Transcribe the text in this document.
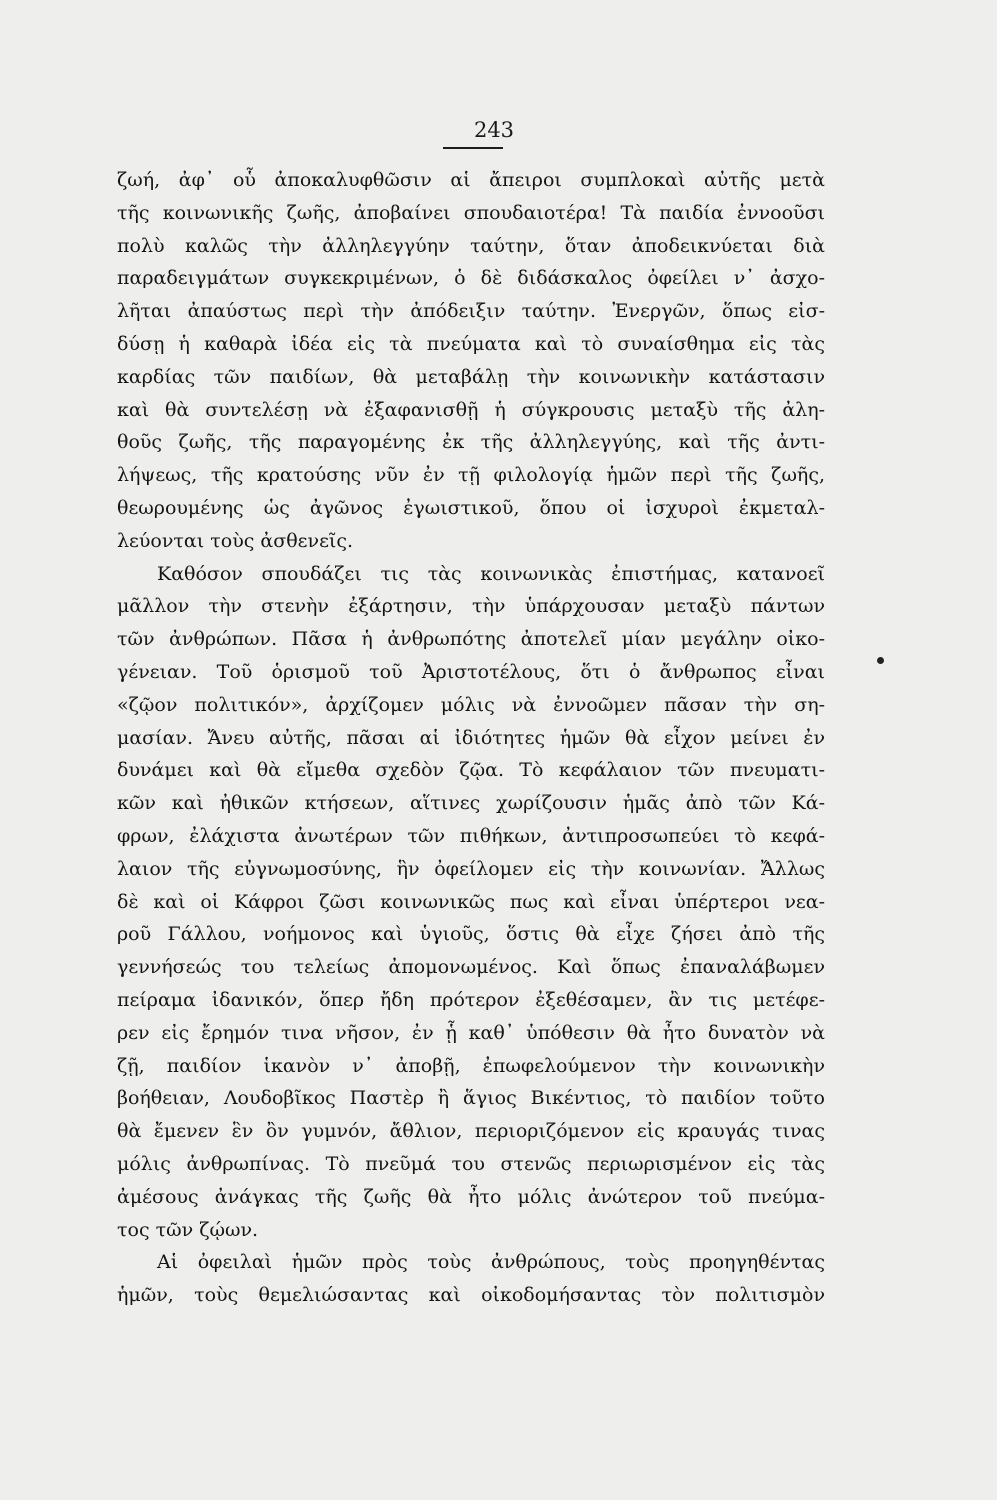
243
ζωή, ἀφ᾿ οὗ ἀποκαλυφθῶσιν αἱ ἄπειροι συμπλοκαὶ αὐτῆς μετὰ
τῆς κοινωνικῆς ζωῆς, ἀποβαίνει σπουδαιοτέρα! Τὰ παιδία ἐννοοῦσι
πολὺ καλῶς τὴν ἀλληλεγγύην ταύτην, ὅταν ἀποδεικνύεται διὰ
παραδειγμάτων συγκεκριμένων, ὁ δὲ διδάσκαλος ὀφείλει ν᾿ ἀσχο-
λῆται ἀπαύστως περὶ τὴν ἀπόδειξιν ταύτην. Ἐνεργῶν, ὅπως εἰσ-
δύσῃ ἡ καθαρὰ ἰδέα εἰς τὰ πνεύματα καὶ τὸ συναίσθημα εἰς τὰς
καρδίας τῶν παιδίων, θὰ μεταβάλῃ τὴν κοινωνικὴν κατάστασιν
καὶ θὰ συντελέσῃ νὰ ἐξαφανισθῇ ἡ σύγκρουσις μεταξὺ τῆς ἀλη-
θοῦς ζωῆς, τῆς παραγομένης ἐκ τῆς ἀλληλεγγύης, καὶ τῆς ἀντι-
λήψεως, τῆς κρατούσης νῦν ἐν τῇ φιλολογίᾳ ἡμῶν περὶ τῆς ζωῆς,
θεωρουμένης ὡς ἀγῶνος ἐγωιστικοῦ, ὅπου οἱ ἰσχυροὶ ἐκμεταλ-
λεύονται τοὺς ἀσθενεῖς.
Καθόσον σπουδάζει τις τὰς κοινωνικὰς ἐπιστήμας, κατανοεῖ
μᾶλλον τὴν στενὴν ἐξάρτησιν, τὴν ὑπάρχουσαν μεταξὺ πάντων
τῶν ἀνθρώπων. Πᾶσα ἡ ἀνθρωπότης ἀποτελεῖ μίαν μεγάλην οἰκο-
γένειαν. Τοῦ ὁρισμοῦ τοῦ Ἀριστοτέλους, ὅτι ὁ ἄνθρωπος εἶναι
«ζῷον πολιτικόν», ἀρχίζομεν μόλις νὰ ἐννοῶμεν πᾶσαν τὴν ση-
μασίαν. Ἄνευ αὐτῆς, πᾶσαι αἱ ἰδιότητες ἡμῶν θὰ εἶχον μείνει ἐν
δυνάμει καὶ θὰ εἴμεθα σχεδὸν ζῷα. Τὸ κεφάλαιον τῶν πνευματι-
κῶν καὶ ἠθικῶν κτήσεων, αἵτινες χωρίζουσιν ἡμᾶς ἀπὸ τῶν Κά-
φρων, ἐλάχιστα ἀνωτέρων τῶν πιθήκων, ἀντιπροσωπεύει τὸ κεφά-
λαιον τῆς εὐγνωμοσύνης, ἣν ὀφείλομεν εἰς τὴν κοινωνίαν. Ἄλλως
δὲ καὶ οἱ Κάφροι ζῶσι κοινωνικῶς πως καὶ εἶναι ὑπέρτεροι νεα-
ροῦ Γάλλου, νοήμονος καὶ ὑγιοῦς, ὅστις θὰ εἶχε ζήσει ἀπὸ τῆς
γεννήσεώς του τελείως ἀπομονωμένος. Καὶ ὅπως ἐπαναλάβωμεν
πείραμα ἰδανικόν, ὅπερ ἤδη πρότερον ἐξεθέσαμεν, ἂν τις μετέφε-
ρεν εἰς ἔρημόν τινα νῆσον, ἐν ᾗ καθ᾿ ὑπόθεσιν θὰ ἦτο δυνατὸν νὰ
ζῇ, παιδίον ἱκανὸν ν᾿ ἀποβῇ, ἐπωφελούμενον τὴν κοινωνικὴν
βοήθειαν, Λουδοβῖκος Παστὲρ ἢ ἅγιος Βικέντιος, τὸ παιδίον τοῦτο
θὰ ἔμενεν ἓν ὂν γυμνόν, ἄθλιον, περιοριζόμενον εἰς κραυγάς τινας
μόλις ἀνθρωπίνας. Τὸ πνεῦμά του στενῶς περιωρισμένον εἰς τὰς
ἀμέσους ἀνάγκας τῆς ζωῆς θὰ ἦτο μόλις ἀνώτερον τοῦ πνεύμα-
τος τῶν ζῴων.
Αἱ ὀφειλαὶ ἡμῶν πρὸς τοὺς ἀνθρώπους, τοὺς προηγηθέντας
ἡμῶν, τοὺς θεμελιώσαντας καὶ οἰκοδομήσαντας τὸν πολιτισμὸν
